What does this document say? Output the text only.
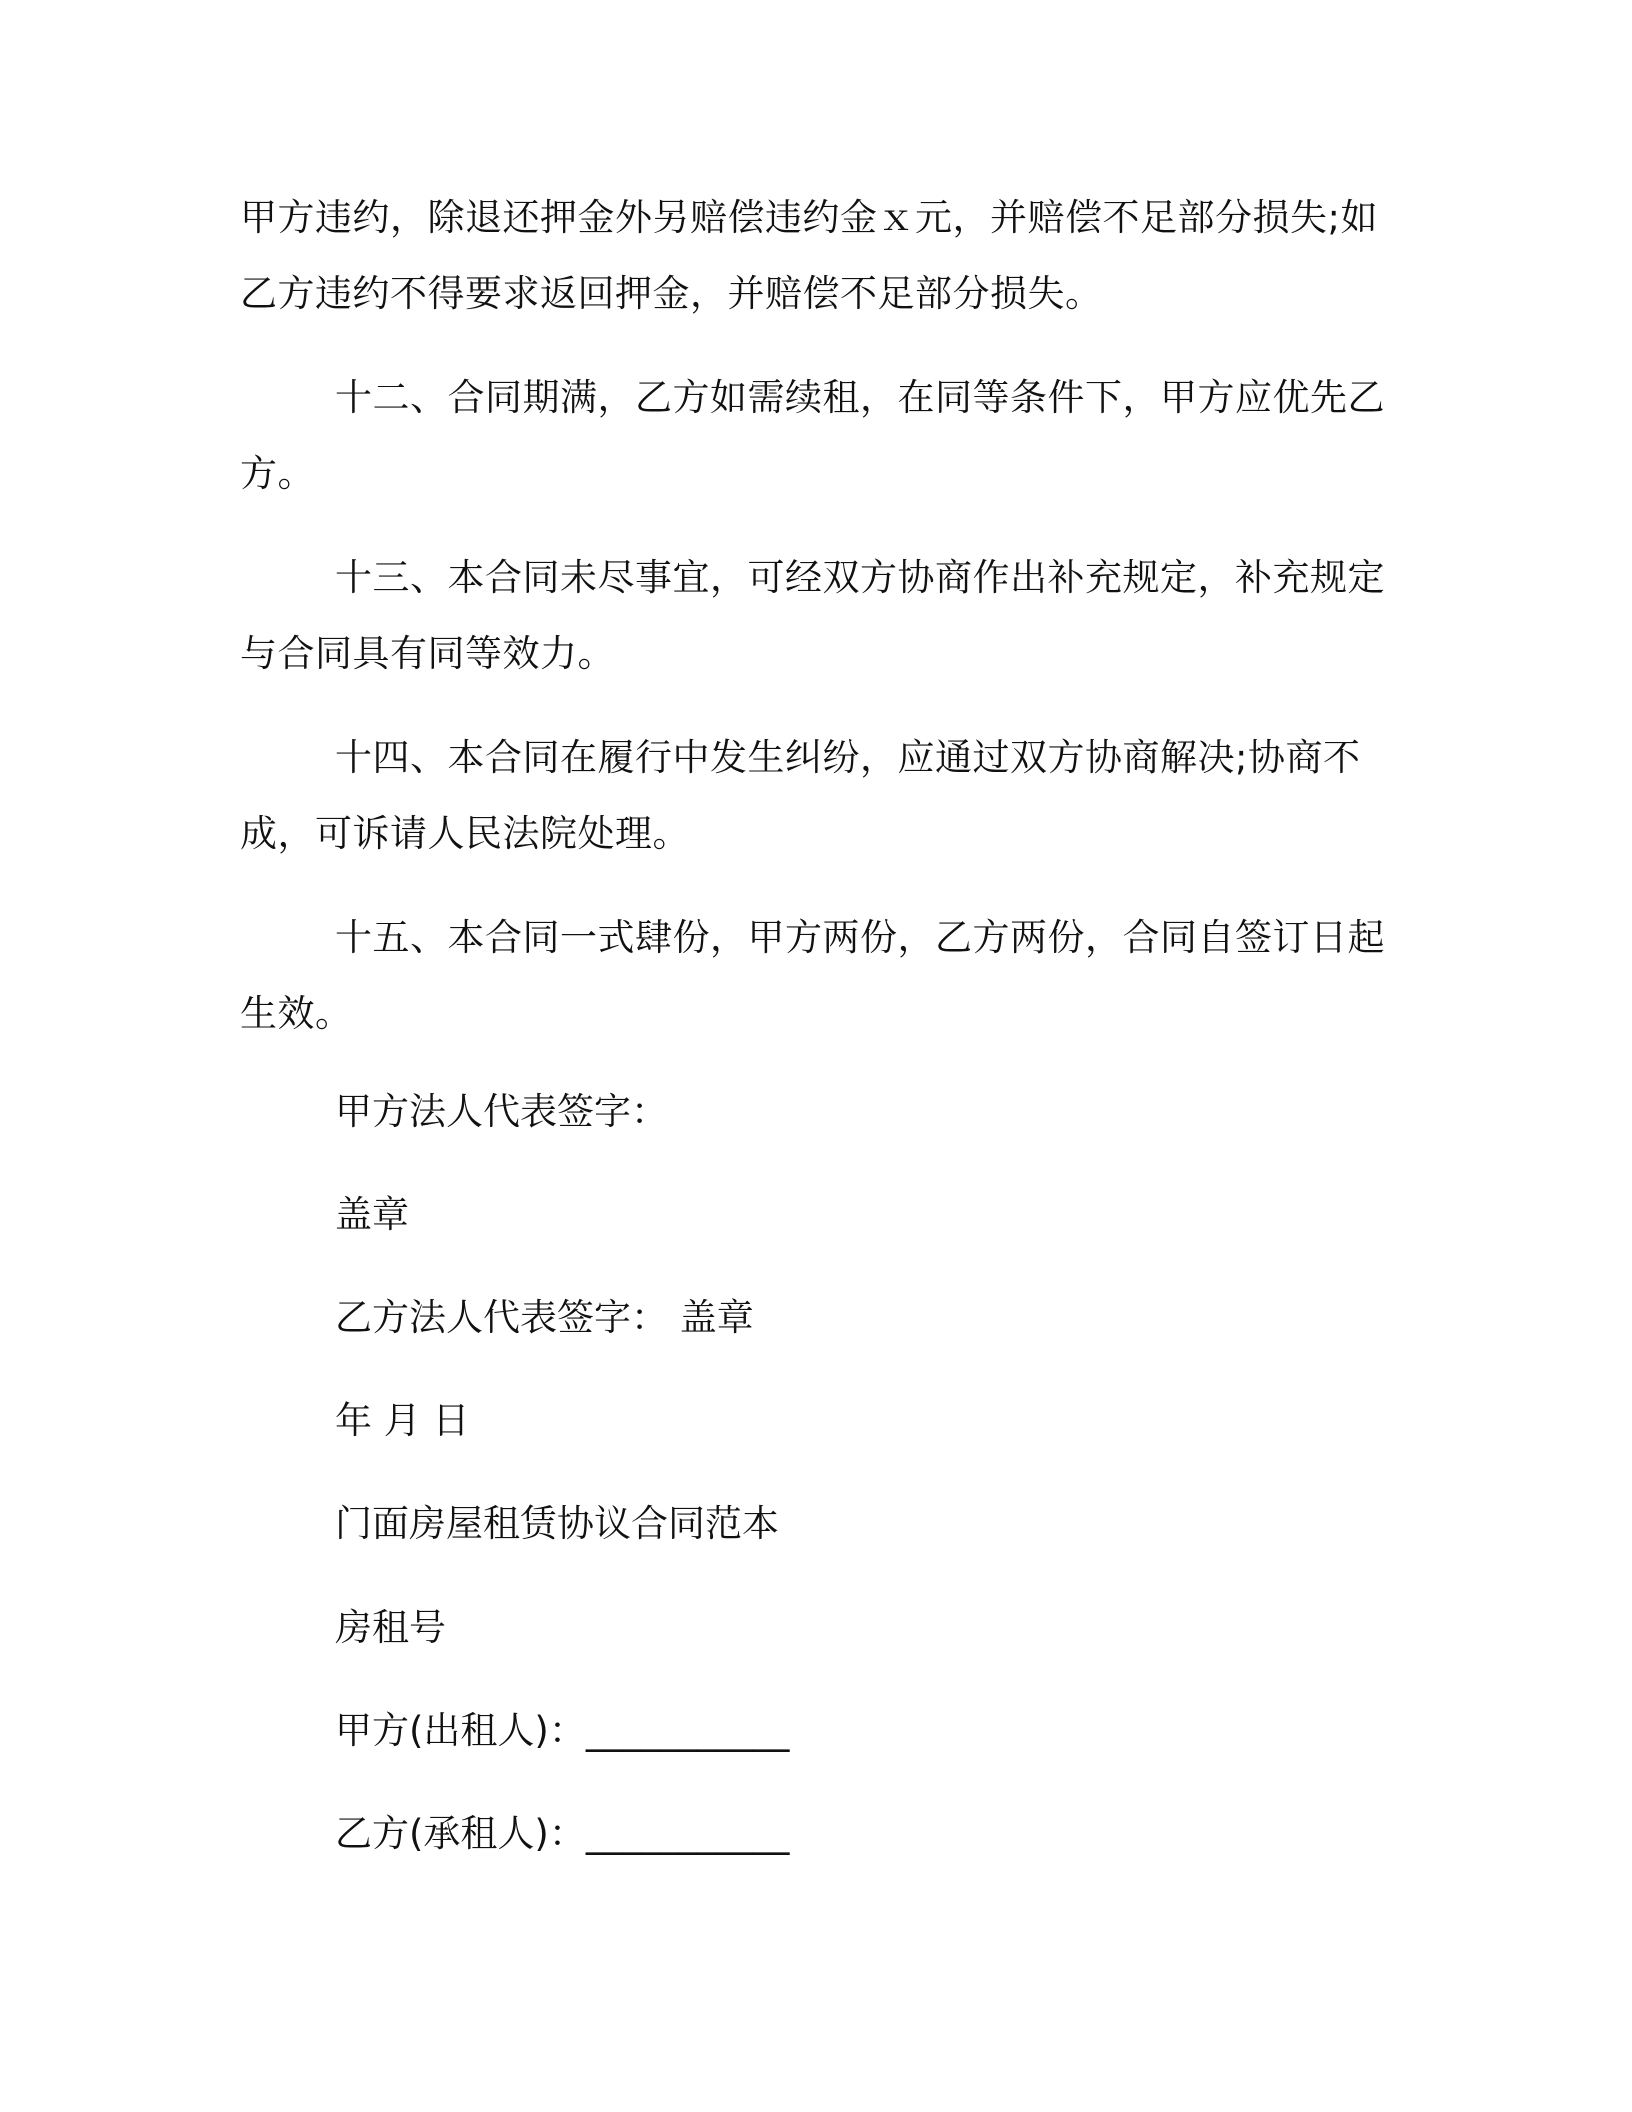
甲方违约，除退还押金外另赔偿违约金ｘ元，并赔偿不足部分损失;如乙方违约不得要求返回押金，并赔偿不足部分损失。

十二、合同期满，乙方如需续租，在同等条件下，甲方应优先乙方。

十三、本合同未尽事宜，可经双方协商作出补充规定，补充规定与合同具有同等效力。

十四、本合同在履行中发生纠纷，应通过双方协商解决;协商不成，可诉请人民法院处理。

十五、本合同一式肆份，甲方两份，乙方两份，合同自签订日起生效。

甲方法人代表签字：

盖章

乙方法人代表签字： 盖章

年 月 日

门面房屋租赁协议合同范本

房租号

甲方(出租人)：___________

乙方(承租人)：___________
